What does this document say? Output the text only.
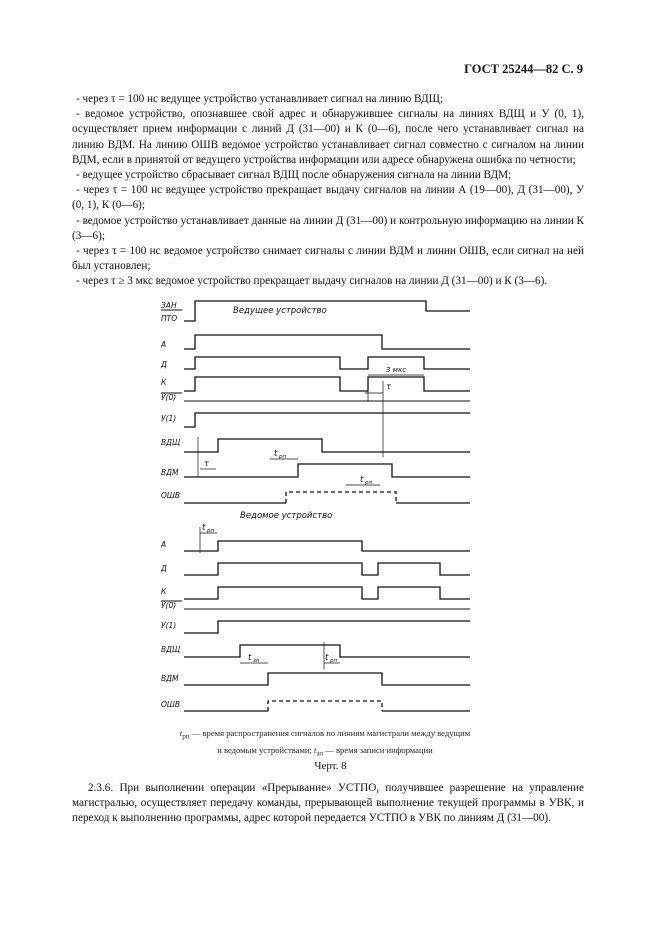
ГОСТ 25244—82 С. 9

- через τ = 100 нс ведущее устройство устанавливает сигнал на линию ВДЩ;

- ведомое устройство, опознавшее свой адрес и обнаружившее сигналы на линиях ВДЩ и У (0, 1), осуществляет прием информации с линий Д (31—00) и К (0—6), после чего устанавливает сигнал на линию ВДМ. На линию ОШВ ведомое устройство устанавливает сигнал совместно с сигналом на линии ВДМ, если в принятой от ведущего устройства информации или адресе обнаружена ошибка по четности;

- ведущее устройство сбрасывает сигнал ВДЩ после обнаружения сигнала на линии ВДМ;

- через τ = 100 нс ведущее устройство прекращает выдачу сигналов на линии А (19—00), Д (31—00), У (0, 1), К (0—6);

- ведомое устройство устанавливает данные на линии Д (31—00) и контрольную информацию на линии К (3—6);

- через τ = 100 нс ведомое устройство снимает сигналы с линии ВДМ и линии ОШВ, если сигнал на ней был установлен;

- через τ ≥ 3 мкс ведомое устройство прекращает выдачу сигналов на линии Д (31—00) и К (3—6).

Ведущее устройство
ЗАН
ПТО
А
Д
3 мкс
К
У(0)
τ
У(1)
ВДЩ
τ
t рп
ВДМ
t рп
ОШВ
Ведомое устройство
t рп
А
Д
К
У(0)
У(1)
ВДЩ
t зп	t рп
ВДМ
ОШВ
$t_{рп}$ — время распространения сигналов по линиям магистрали между ведущим
и ведомым устройствами; $t_{зп}$ — время записи информации
Черт. 8

2.3.6. При выполнении операции «Прерывание» УСТПО, получившее разрешение на управление магистралью, осуществляет передачу команды, прерывающей выполнение текущей программы в УВК, и переход к выполнению программы, адрес которой передается УСТПО в УВК по линиям Д (31—00).
